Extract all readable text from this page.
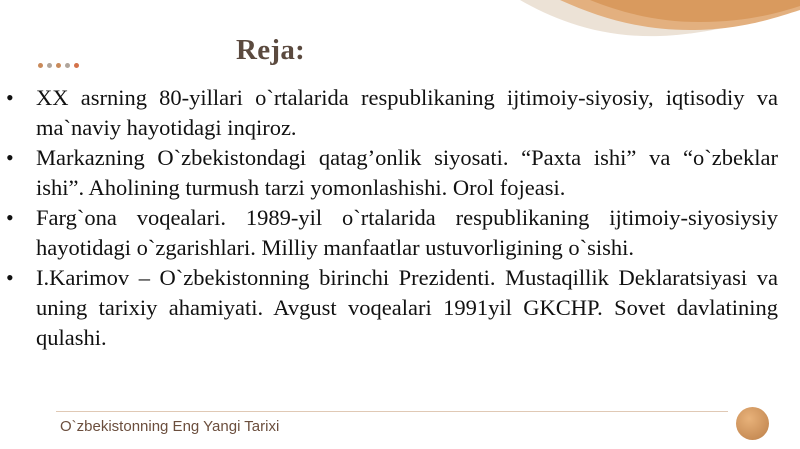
Reja:
• XX asrning 80-yillari o`rtalarida respublikaning ijtimoiy-siyosiy, iqtisodiy va ma`naviy hayotidagi inqiroz.
• Markazning O`zbekistondagi qatag’onlik siyosati. “Paxta ishi” va “o`zbeklar ishi”. Aholining turmush tarzi yomonlashishi. Orol fojeasi.
• Farg`ona voqealari. 1989-yil o`rtalarida respublikaning ijtimoiy-siyosiysiy hayotidagi o`zgarishlari. Milliy manfaatlar ustuvorligining o`sishi.
• I.Karimov – O`zbekistonning birinchi Prezidenti. Mustaqillik Deklaratsiyasi va uning tarixiy ahamiyati. Avgust voqealari 1991yil GKCHP. Sovet davlatining qulashi.
O`zbekistonning Eng Yangi Tarixi
